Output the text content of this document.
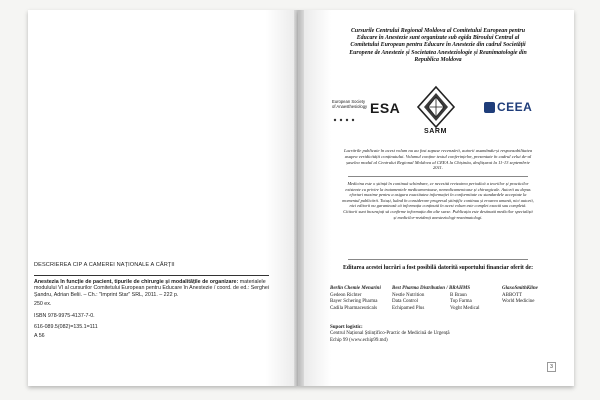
DESCRIEREA CIP A CAMEREI NAȚIONALE A CĂRȚII
Anestezia în funcție de pacient, tipurile de chirurgie și modalitățile de organizare: materialele modulului VI al cursurilor Comitetului European pentru Educare în Anestezie / coord. de ed.: Serghei Șandru, Adrian Belii. – Ch.: "Imprint Star" SRL, 2011. – 222 p.
250 ex.
ISBN 978-9975-4137-7-0.
616-089.5(082)=135.1=111
A 56
Cursurile Centrului Regional Moldova al Comitetului European pentru Educare în Anestezie sunt organizate sub egida Biroului Central al Comitetului European pentru Educare în Anestezie din cadrul Societății Europene de Anestezie și Societatea Anesteziologie și Reanimatologie din Republica Moldova
European Society of Anaesthesiology ESA
SARM
CEEA
Lucrările publicate în acest volum nu au fost supuse recenzării, autorii asumându-și responsabilitatea asupra veridicității conținutului. Volumul conține textul conferințelor, prezentate în cadrul celui de-al șaselea modul al Centrului Regional Moldova al CEEA la Chișinău, desfășurat la 11-13 septembrie 2011.
Medicina este o știință în continuă schimbare, ce necesită revizuirea periodică a teoriilor și practicilor existente cu privire la tratamentele medicamentoase, nemedicamentoase și chirurgicale. Autorii au depus eforturi maxime pentru a asigura exactitatea informației în conformitate cu standardele acceptate la momentul publicării. Totuși, luând în considerare progresul științific continuu și eroarea umană, nici autorii, nici editorii nu garantează că informația conținută în acest volum este complet exactă sau completă. Cititorii sunt încurajați să confirme informația din alte surse. Publicația este destinată medicilor specialiști și medicilor-rezidenți anesteziologi-reanimatologi.
Editarea acestei lucrări a fost posibilă datorită suportului financiar oferit de:
Berlin Chemie Menarini
Gedeon Richter
Bayer Schering Pharma
Cadila Pharmaceuticals
Best Pharma Distribution / BRAHMS
Nestle Nutrition
Data Control
Echipamed Plus
B Braun
Top Farma
Voght Medical
GlaxoSmithKline
ABBOTT
World Medicine
Suport logistic:
Centrul Național Științifico-Practic de Medicină de Urgență
Echip 99 (www.echip99.md)
3
